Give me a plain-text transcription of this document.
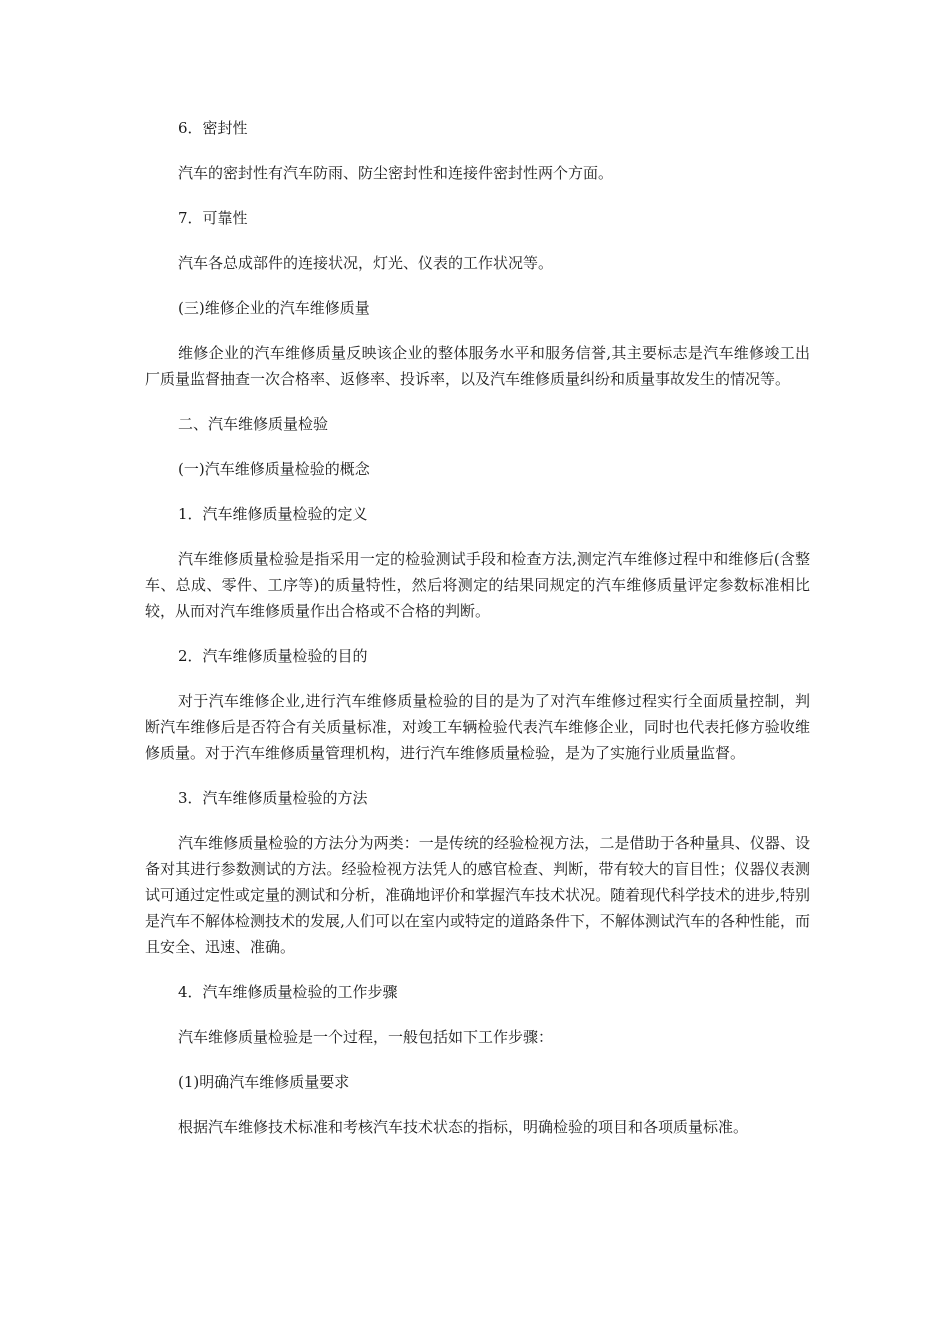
6．密封性

汽车的密封性有汽车防雨、防尘密封性和连接件密封性两个方面。

7．可靠性

汽车各总成部件的连接状况，灯光、仪表的工作状况等。

(三)维修企业的汽车维修质量

维修企业的汽车维修质量反映该企业的整体服务水平和服务信誉,其主要标志是汽车维修竣工出厂质量监督抽查一次合格率、返修率、投诉率，以及汽车维修质量纠纷和质量事故发生的情况等。

二、汽车维修质量检验

(一)汽车维修质量检验的概念

1．汽车维修质量检验的定义

汽车维修质量检验是指采用一定的检验测试手段和检查方法,测定汽车维修过程中和维修后(含整车、总成、零件、工序等)的质量特性，然后将测定的结果同规定的汽车维修质量评定参数标准相比较，从而对汽车维修质量作出合格或不合格的判断。

2．汽车维修质量检验的目的

对于汽车维修企业,进行汽车维修质量检验的目的是为了对汽车维修过程实行全面质量控制，判断汽车维修后是否符合有关质量标准，对竣工车辆检验代表汽车维修企业，同时也代表托修方验收维修质量。对于汽车维修质量管理机构，进行汽车维修质量检验，是为了实施行业质量监督。

3．汽车维修质量检验的方法

汽车维修质量检验的方法分为两类：一是传统的经验检视方法，二是借助于各种量具、仪器、设备对其进行参数测试的方法。经验检视方法凭人的感官检查、判断，带有较大的盲目性；仪器仪表测试可通过定性或定量的测试和分析，准确地评价和掌握汽车技术状况。随着现代科学技术的进步,特别是汽车不解体检测技术的发展,人们可以在室内或特定的道路条件下，不解体测试汽车的各种性能，而且安全、迅速、准确。

4．汽车维修质量检验的工作步骤

汽车维修质量检验是一个过程，一般包括如下工作步骤：

(1)明确汽车维修质量要求

根据汽车维修技术标准和考核汽车技术状态的指标，明确检验的项目和各项质量标准。
